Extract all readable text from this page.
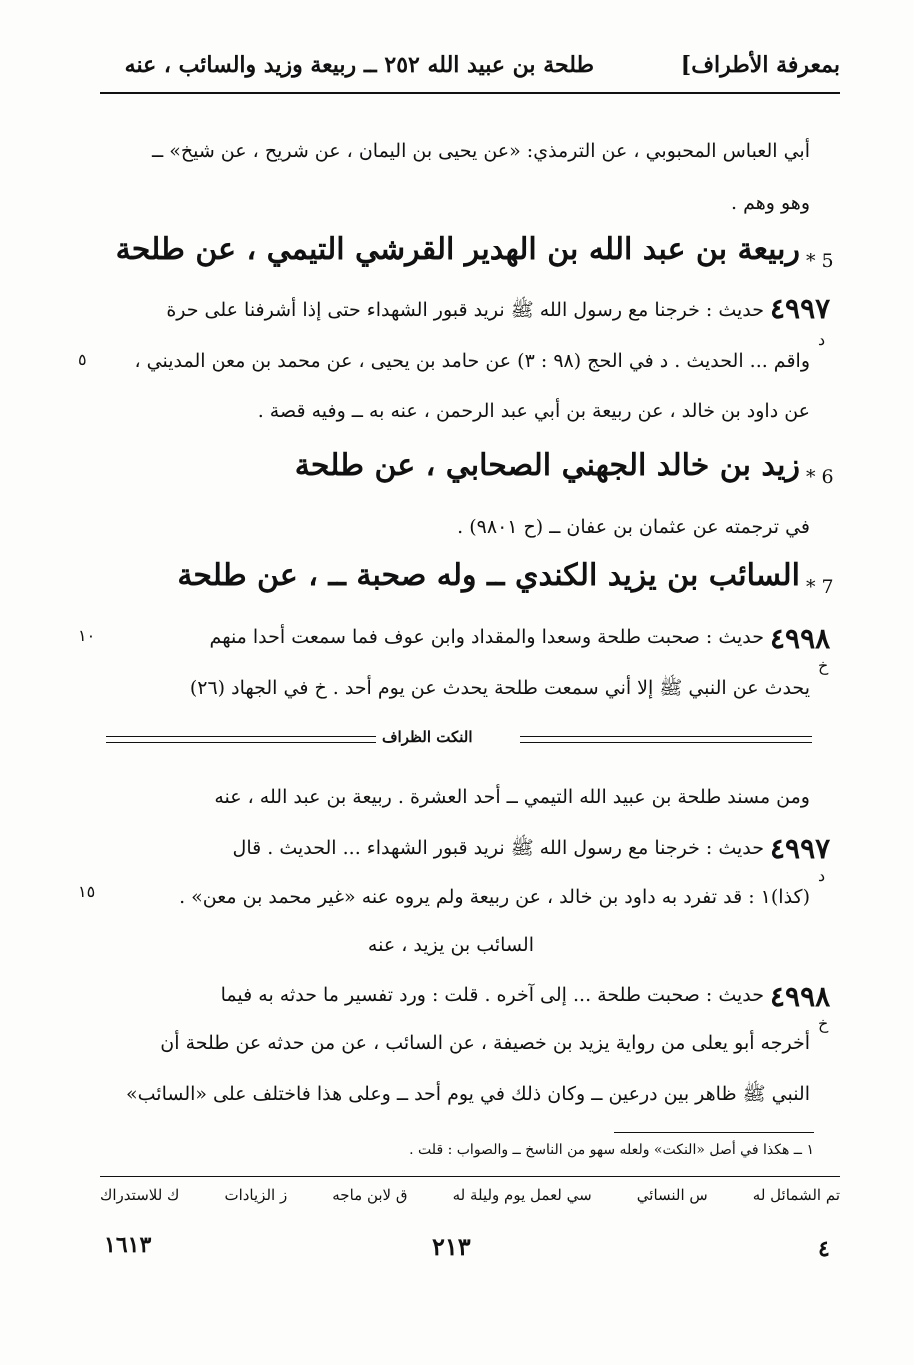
بمعرفة الأطراف]
طلحة بن عبيد الله ٢٥٢ ــ ربيعة وزيد والسائب ، عنه
أبي العباس المحبوبي ، عن الترمذي: «عن يحيى بن اليمان ، عن شريح ، عن شيخ» ــ
وهو وهم .
* 5
ربيعة بن عبد الله بن الهدير القرشي التيمي ، عن طلحة
٤٩٩٧
حديث : خرجنا مع رسول الله ﷺ نريد قبور الشهداء حتى إذا أشرفنا على حرة
د
واقم ... الحديث . د في الحج (٩٨ : ٣) عن حامد بن يحيى ، عن محمد بن معن المديني ،
٥
عن داود بن خالد ، عن ربيعة بن أبي عبد الرحمن ، عنه به ــ وفيه قصة .
* 6
زيد بن خالد الجهني الصحابي ، عن طلحة
في ترجمته عن عثمان بن عفان ــ (ح ٩٨٠١) .
* 7
السائب بن يزيد الكندي ــ وله صحبة ــ ، عن طلحة
٤٩٩٨
حديث : صحبت طلحة وسعدا والمقداد وابن عوف فما سمعت أحدا منهم
١٠
خ
يحدث عن النبي ﷺ إلا أني سمعت طلحة يحدث عن يوم أحد . خ في الجهاد (٢٦)
النكت الظراف
ومن مسند طلحة بن عبيد الله التيمي ــ أحد العشرة . ربيعة بن عبد الله ، عنه
٤٩٩٧
حديث : خرجنا مع رسول الله ﷺ نريد قبور الشهداء ... الحديث . قال
د
(كذا)١ : قد تفرد به داود بن خالد ، عن ربيعة ولم يروه عنه «غير محمد بن معن» .
١٥
السائب بن يزيد ، عنه
٤٩٩٨
حديث : صحبت طلحة ... إلى آخره . قلت : ورد تفسير ما حدثه به فيما
خ
أخرجه أبو يعلى من رواية يزيد بن خصيفة ، عن السائب ، عن من حدثه عن طلحة أن
النبي ﷺ ظاهر بين درعين ــ وكان ذلك في يوم أحد ــ وعلى هذا فاختلف على «السائب»
١ ــ هكذا في أصل «النكت» ولعله سهو من الناسخ ــ والصواب : قلت .
تم الشمائل له
س النسائي
سي لعمل يوم وليلة له
ق لابن ماجه
ز الزيادات
ك للاستدراك
٤
٢١٣
١٦١٣
